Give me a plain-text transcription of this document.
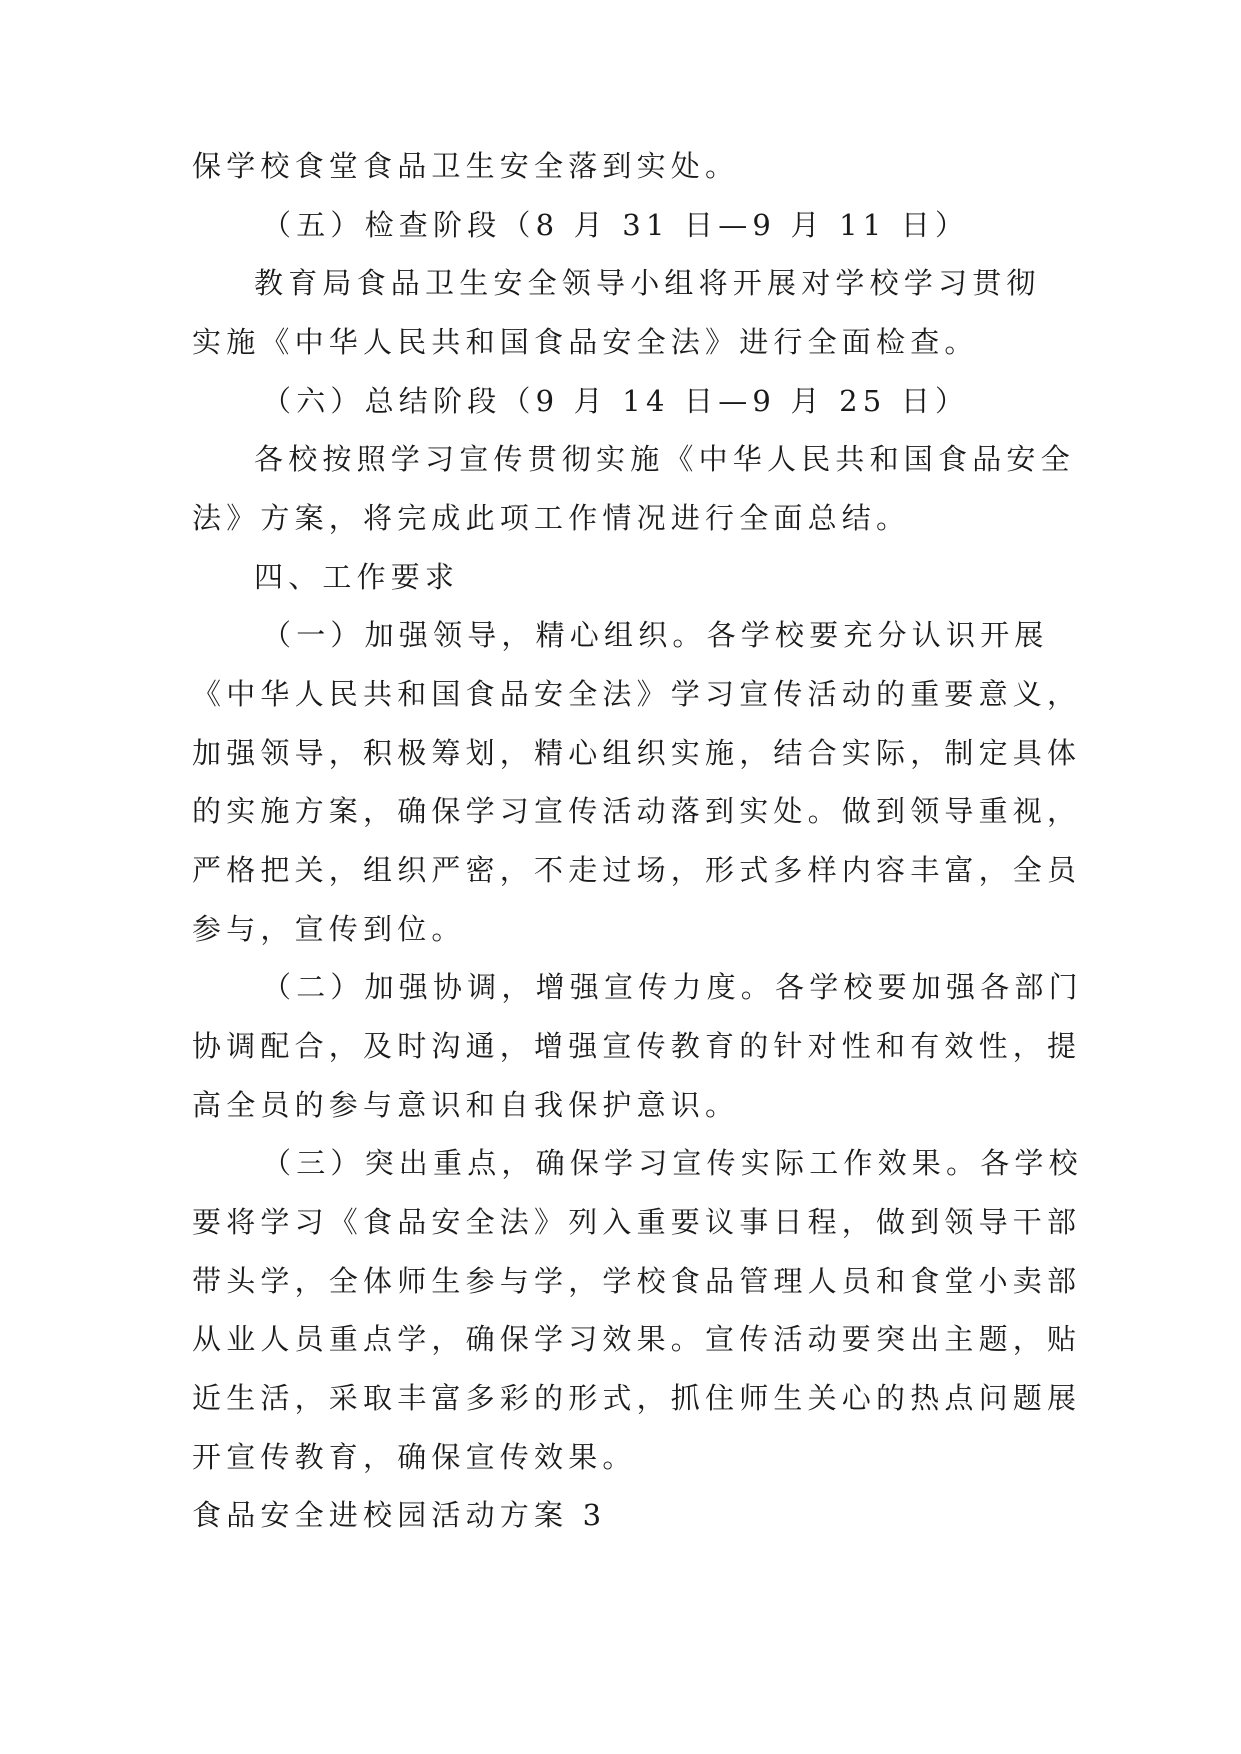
保学校食堂食品卫生安全落到实处。
（五）检查阶段（8 月 31 日—9 月 11 日）
教育局食品卫生安全领导小组将开展对学校学习贯彻
实施《中华人民共和国食品安全法》进行全面检查。
（六）总结阶段（9 月 14 日—9 月 25 日）
各校按照学习宣传贯彻实施《中华人民共和国食品安全
法》方案，将完成此项工作情况进行全面总结。
四、工作要求
（一）加强领导，精心组织。各学校要充分认识开展
《中华人民共和国食品安全法》学习宣传活动的重要意义，
加强领导，积极筹划，精心组织实施，结合实际，制定具体
的实施方案，确保学习宣传活动落到实处。做到领导重视，
严格把关，组织严密，不走过场，形式多样内容丰富，全员
参与，宣传到位。
（二）加强协调，增强宣传力度。各学校要加强各部门
协调配合，及时沟通，增强宣传教育的针对性和有效性，提
高全员的参与意识和自我保护意识。
（三）突出重点，确保学习宣传实际工作效果。各学校
要将学习《食品安全法》列入重要议事日程，做到领导干部
带头学，全体师生参与学，学校食品管理人员和食堂小卖部
从业人员重点学，确保学习效果。宣传活动要突出主题，贴
近生活，采取丰富多彩的形式，抓住师生关心的热点问题展
开宣传教育，确保宣传效果。
食品安全进校园活动方案 3
